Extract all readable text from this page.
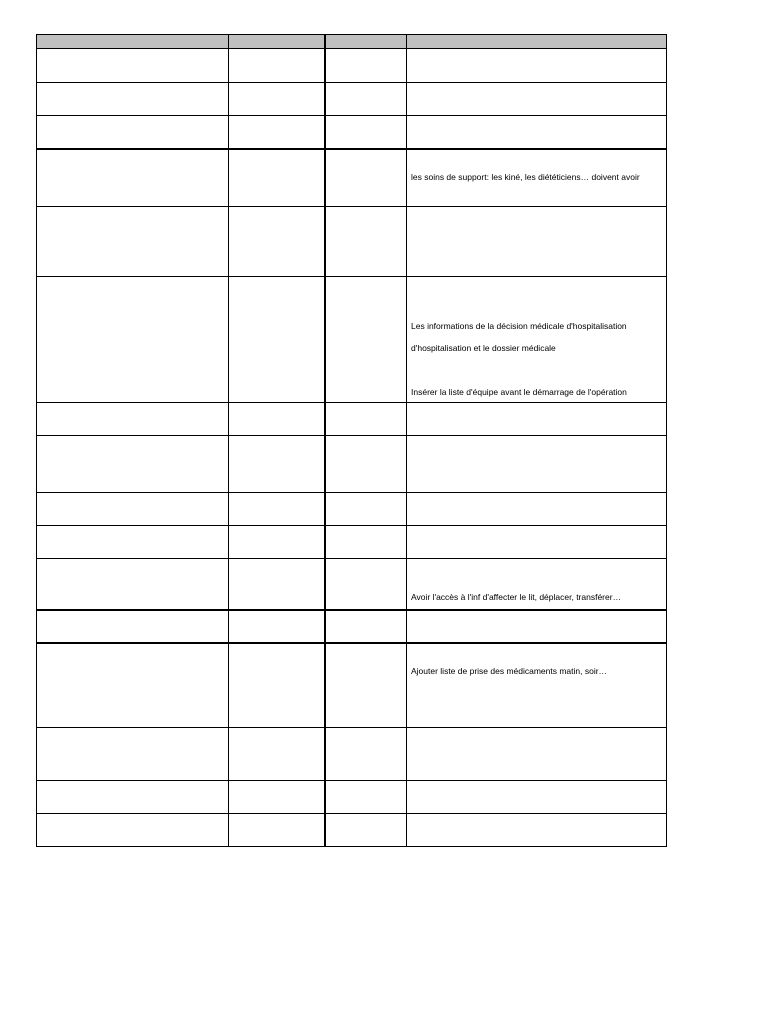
			les soins de support: les kiné, les diététiciens… doivent avoir

			Les informations de la décision médicale d'hospitalisation
d'hospitalisation et le dossier médicale
Insérer la liste d'équipe avant le démarrage de l'opération

			Avoir l'accès à l'inf d'affecter le lit, déplacer, transférer…

			Ajouter liste de prise des médicaments matin, soir…
